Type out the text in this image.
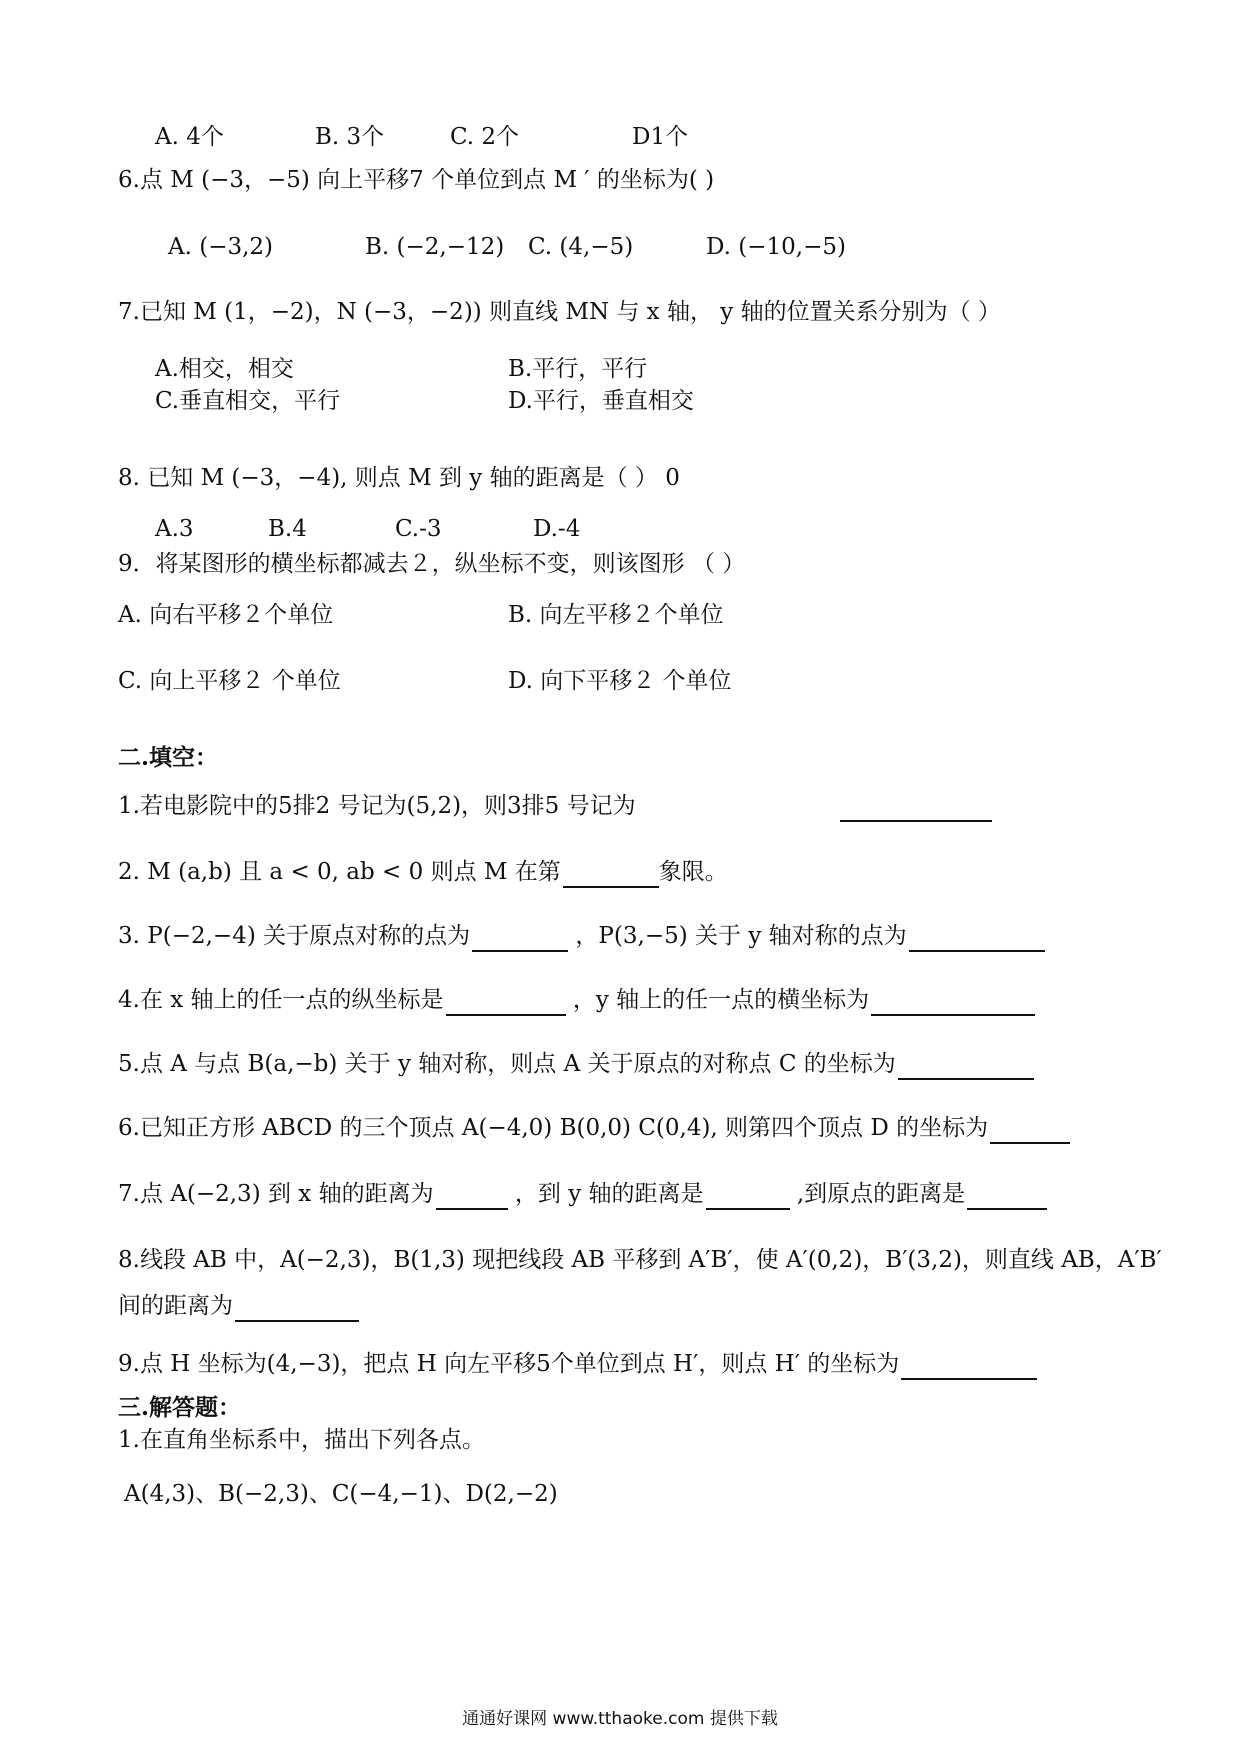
A. 4个	B. 3个	C. 2个	D1个
6.点 M (−3，−5) 向上平移7 个单位到点 M ′ 的坐标为( )
A. (−3,2)	B. (−2,−12) C. (4,−5)	D. (−10,−5)
7.已知 M (1，−2)，N (−3，−2)) 则直线 MN 与 x 轴， y 轴的位置关系分别为（ ）
A.相交，相交	B.平行，平行
C.垂直相交，平行	D.平行，垂直相交
8. 已知 M (−3，−4), 则点 M 到 y 轴的距离是（ ） 0
A.3	B.4	C.-3	D.-4
9．将某图形的横坐标都减去２，纵坐标不变，则该图形 （ ）
A. 向右平移２个单位	B. 向左平移２个单位
C. 向上平移２ 个单位	D. 向下平移２ 个单位
二.填空：
1.若电影院中的5排2 号记为(5,2)，则3排5 号记为
2. M (a,b) 且 a < 0, ab < 0 则点 M 在第	象限。
3. P(−2,−4) 关于原点对称的点为	，P(3,−5) 关于 y 轴对称的点为
4.在 x 轴上的任一点的纵坐标是	，y 轴上的任一点的横坐标为
5.点 A 与点 B(a,−b) 关于 y 轴对称，则点 A 关于原点的对称点 C 的坐标为
6.已知正方形 ABCD 的三个顶点 A(−4,0) B(0,0) C(0,4), 则第四个顶点 D 的坐标为
7.点 A(−2,3) 到 x 轴的距离为	，到 y 轴的距离是	,到原点的距离是
8.线段 AB 中，A(−2,3)，B(1,3) 现把线段 AB 平移到 A′B′，使 A′(0,2)，B′(3,2)，则直线 AB，A′B′
间的距离为
9.点 H 坐标为(4,−3)，把点 H 向左平移5个单位到点 H′，则点 H′ 的坐标为
三.解答题：
1.在直角坐标系中，描出下列各点。
A(4,3)、B(−2,3)、C(−4,−1)、D(2,−2)
通通好课网 www.tthaoke.com 提供下载
